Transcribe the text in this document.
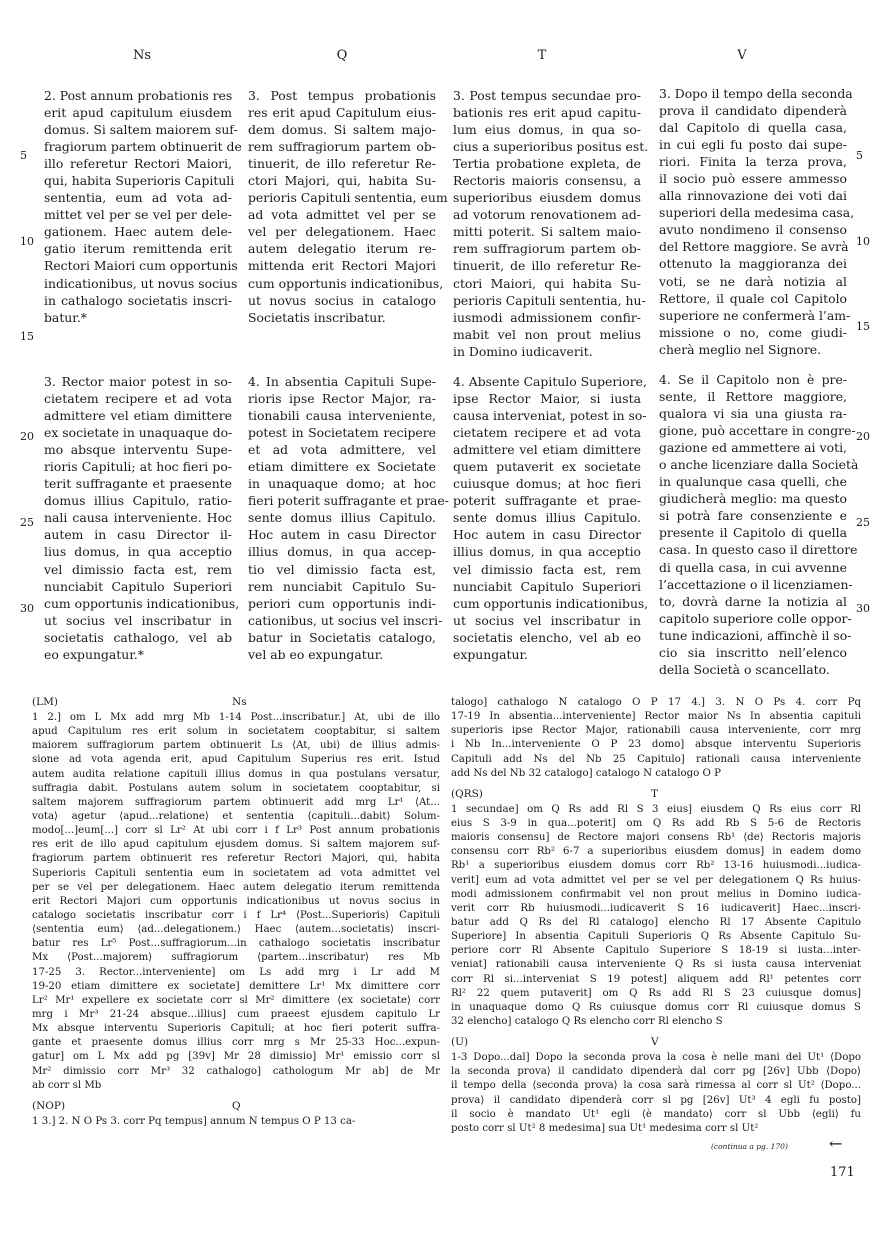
Ns	Q	T	V
2. Post annum probationis res
erit apud capitulum eiusdem
domus. Si saltem maiorem suf-
fragiorum partem obtinuerit de
illo referetur Rectori Maiori,
qui, habita Superioris Capituli
sententia, eum ad vota ad-
mittet vel per se vel per dele-
gationem. Haec autem dele-
gatio iterum remittenda erit
Rectori Maiori cum opportunis
indicationibus, ut novus socius
in cathalogo societatis inscri-
batur.*
3. Post tempus probationis
res erit apud Capitulum eius-
dem domus. Si saltem majo-
rem suffragiorum partem ob-
tinuerit, de illo referetur Re-
ctori Majori, qui, habita Su-
perioris Capituli sententia, eum
ad vota admittet vel per se
vel per delegationem. Haec
autem delegatio iterum re-
mittenda erit Rectori Majori
cum opportunis indicationibus,
ut novus socius in catalogo
Societatis inscribatur.
3. Post tempus secundae pro-
bationis res erit apud capitu-
lum eius domus, in qua so-
cius a superioribus positus est.
Tertia probatione expleta, de
Rectoris maioris consensu, a
superioribus eiusdem domus
ad votorum renovationem ad-
mitti poterit. Si saltem maio-
rem suffragiorum partem ob-
tinuerit, de illo referetur Re-
ctori Maiori, qui habita Su-
perioris Capituli sententia, hu-
iusmodi admissionem confir-
mabit vel non prout melius
in Domino iudicaverit.
3. Dopo il tempo della seconda
prova il candidato dipenderà
dal Capitolo di quella casa,
in cui egli fu posto dai supe-
riori. Finita la terza prova,
il socio può essere ammesso
alla rinnovazione dei voti dai
superiori della medesima casa,
avuto nondimeno il consenso
del Rettore maggiore. Se avrà
ottenuto la maggioranza dei
voti, se ne darà notizia al
Rettore, il quale col Capitolo
superiore ne confermerà l’am-
missione o no, come giudi-
cherà meglio nel Signore.
3. Rector maior potest in so-
cietatem recipere et ad vota
admittere vel etiam dimittere
ex societate in unaquaque do-
mo absque interventu Supe-
rioris Capituli; at hoc fieri po-
terit suffragante et praesente
domus illius Capitulo, ratio-
nali causa interveniente. Hoc
autem in casu Director il-
lius domus, in qua acceptio
vel dimissio facta est, rem
nunciabit Capitulo Superiori
cum opportunis indicationibus,
ut socius vel inscribatur in
societatis cathalogo, vel ab
eo expungatur.*
4. In absentia Capituli Supe-
rioris ipse Rector Major, ra-
tionabili causa interveniente,
potest in Societatem recipere
et ad vota admittere, vel
etiam dimittere ex Societate
in unaquaque domo; at hoc
fieri poterit suffragante et prae-
sente domus illius Capitulo.
Hoc autem in casu Director
illius domus, in qua accep-
tio vel dimissio facta est,
rem nunciabit Capitulo Su-
periori cum opportunis indi-
cationibus, ut socius vel inscri-
batur in Societatis catalogo,
vel ab eo expungatur.
4. Absente Capitulo Superiore,
ipse Rector Maior, si iusta
causa interveniat, potest in so-
cietatem recipere et ad vota
admittere vel etiam dimittere
quem putaverit ex societate
cuiusque domus; at hoc fieri
poterit suffragante et prae-
sente domus illius Capitulo.
Hoc autem in casu Director
illius domus, in qua acceptio
vel dimissio facta est, rem
nunciabit Capitulo Superiori
cum opportunis indicationibus,
ut socius vel inscribatur in
societatis elencho, vel ab eo
expungatur.
4. Se il Capitolo non è pre-
sente, il Rettore maggiore,
qualora vi sia una giusta ra-
gione, può accettare in congre-
gazione ed ammettere ai voti,
o anche licenziare dalla Società
in qualunque casa quelli, che
giudicherà meglio: ma questo
si potrà fare consenziente e
presente il Capitolo di quella
casa. In questo caso il direttore
di quella casa, in cui avvenne
l’accettazione o il licenziamen-
to, dovrà darne la notizia al
capitolo superiore colle oppor-
tune indicazioni, affinchè il so-
cio sia inscritto nell’elenco
della Società o scancellato.
5
10
15
20
25
30
5
10
15
20
25
30
(LM)	Ns
1 2.] om L Mx add mrg Mb 1-14 Post...inscribatur.] At, ubi de illo
apud Capitulum res erit solum in societatem cooptabitur, si saltem
maiorem suffragiorum partem obtinuerit Ls ⟨At, ubi⟩ de illius admis-
sione ad vota agenda erit, apud Capitulum Superius res erit. Istud
autem audita relatione capituli illius domus in qua postulans versatur,
suffragia dabit. Postulans autem solum in societatem cooptabitur, si
saltem majorem suffragiorum partem obtinuerit add mrg Lr¹ ⟨At...
vota⟩ agetur ⟨apud...relatione⟩ et sententia ⟨capituli...dabit⟩ Solum-
modo[...]eum[...] corr sl Lr² At ubi corr i f Lr³ Post annum probationis
res erit de illo apud capitulum ejusdem domus. Si saltem majorem suf-
fragiorum partem obtinuerit res referetur Rectori Majori, qui, habita
Superioris Capituli sententia eum in societatem ad vota admittet vel
per se vel per delegationem. Haec autem delegatio iterum remittenda
erit Rectori Majori cum opportunis indicationibus ut novus socius in
catalogo societatis inscribatur corr i f Lr⁴ ⟨Post...Superioris⟩ Capituli
⟨sententia eum⟩ ⟨ad...delegationem.⟩ Haec ⟨autem...societatis⟩ inscri-
batur res Lr⁵ Post...suffragiorum...in cathalogo societatis inscribatur
Mx ⟨Post...majorem⟩ suffragiorum ⟨partem...inscribatur⟩ res Mb
17-25 3. Rector...interveniente] om Ls add mrg i Lr add M
19-20 etiam dimittere ex societate] demittere Lr¹ Mx dimittere corr
Lr² Mr¹ expellere ex societate corr sl Mr² dimittere ⟨ex societate⟩ corr
mrg i Mr³ 21-24 absque...illius] cum praeest ejusdem capitulo Lr
Mx absque interventu Superioris Capituli; at hoc fieri poterit suffra-
gante et praesente domus illius corr mrg s Mr 25-33 Hoc...expun-
gatur] om L Mx add pg [39v] Mr 28 dimissio] Mr¹ emissio corr sl
Mr² dimissio corr Mr³ 32 cathalogo] cathologum Mr ab] de Mr
ab corr sl Mb
(NOP)	Q
1 3.] 2. N O Ps 3. corr Pq tempus] annum N tempus O P 13 ca-
talogo] cathalogo N catalogo O P 17 4.] 3. N O Ps 4. corr Pq
17-19 In absentia...interveniente] Rector maior Ns In absentia capituli
superioris ipse Rector Major, rationabili causa interveniente, corr mrg
i Nb In...interveniente O P 23 domo] absque interventu Superioris
Capituli add Ns del Nb 25 Capitulo] rationali causa interveniente
add Ns del Nb 32 catalogo] catalogo N catalogo O P
(QRS)	T
1 secundae] om Q Rs add Rl S 3 eius] eiusdem Q Rs eius corr Rl
eius S 3-9 in qua...poterit] om Q Rs add Rb S 5-6 de Rectoris
maioris consensu] de Rectore majori consens Rb¹ ⟨de⟩ Rectoris majoris
consensu corr Rb² 6-7 a superioribus eiusdem domus] in eadem domo
Rb¹ a superioribus eiusdem domus corr Rb² 13-16 huiusmodi...iudica-
verit] eum ad vota admittet vel per se vel per delegationem Q Rs huius-
modi admissionem confirmabit vel non prout melius in Domino iudica-
verit corr Rb huiusmodi...iudicaverit S 16 iudicaverit] Haec...inscri-
batur add Q Rs del Rl catalogo] elencho Rl 17 Absente Capitulo
Superiore] In absentia Capituli Superioris Q Rs Absente Capitulo Su-
periore corr Rl Absente Capitulo Superiore S 18-19 si iusta...inter-
veniat] rationabili causa interveniente Q Rs si iusta causa interveniat
corr Rl si...interveniat S 19 potest] aliquem add Rl¹ petentes corr
Rl² 22 quem putaverit] om Q Rs add Rl S 23 cuiusque domus]
in unaquaque domo Q Rs cuiusque domus corr Rl cuiusque domus S
32 elencho] catalogo Q Rs elencho corr Rl elencho S
(U)	V
1-3 Dopo...dal] Dopo la seconda prova la cosa è nelle mani del Ut¹ ⟨Dopo
la seconda prova⟩ il candidato dipenderà dal corr pg [26v] Ubb ⟨Dopo⟩
il tempo della ⟨seconda prova⟩ la cosa sarà rimessa al corr sl Ut² ⟨Dopo...
prova⟩ il candidato dipenderà corr sl pg [26v] Ut³ 4 egli fu posto]
il socio è mandato Ut¹ egli ⟨è mandato⟩ corr sl Ubb ⟨egli⟩ fu
posto corr sl Ut² 8 medesima] sua Ut¹ medesima corr sl Ut²
(continua a pg. 170)	←
171
